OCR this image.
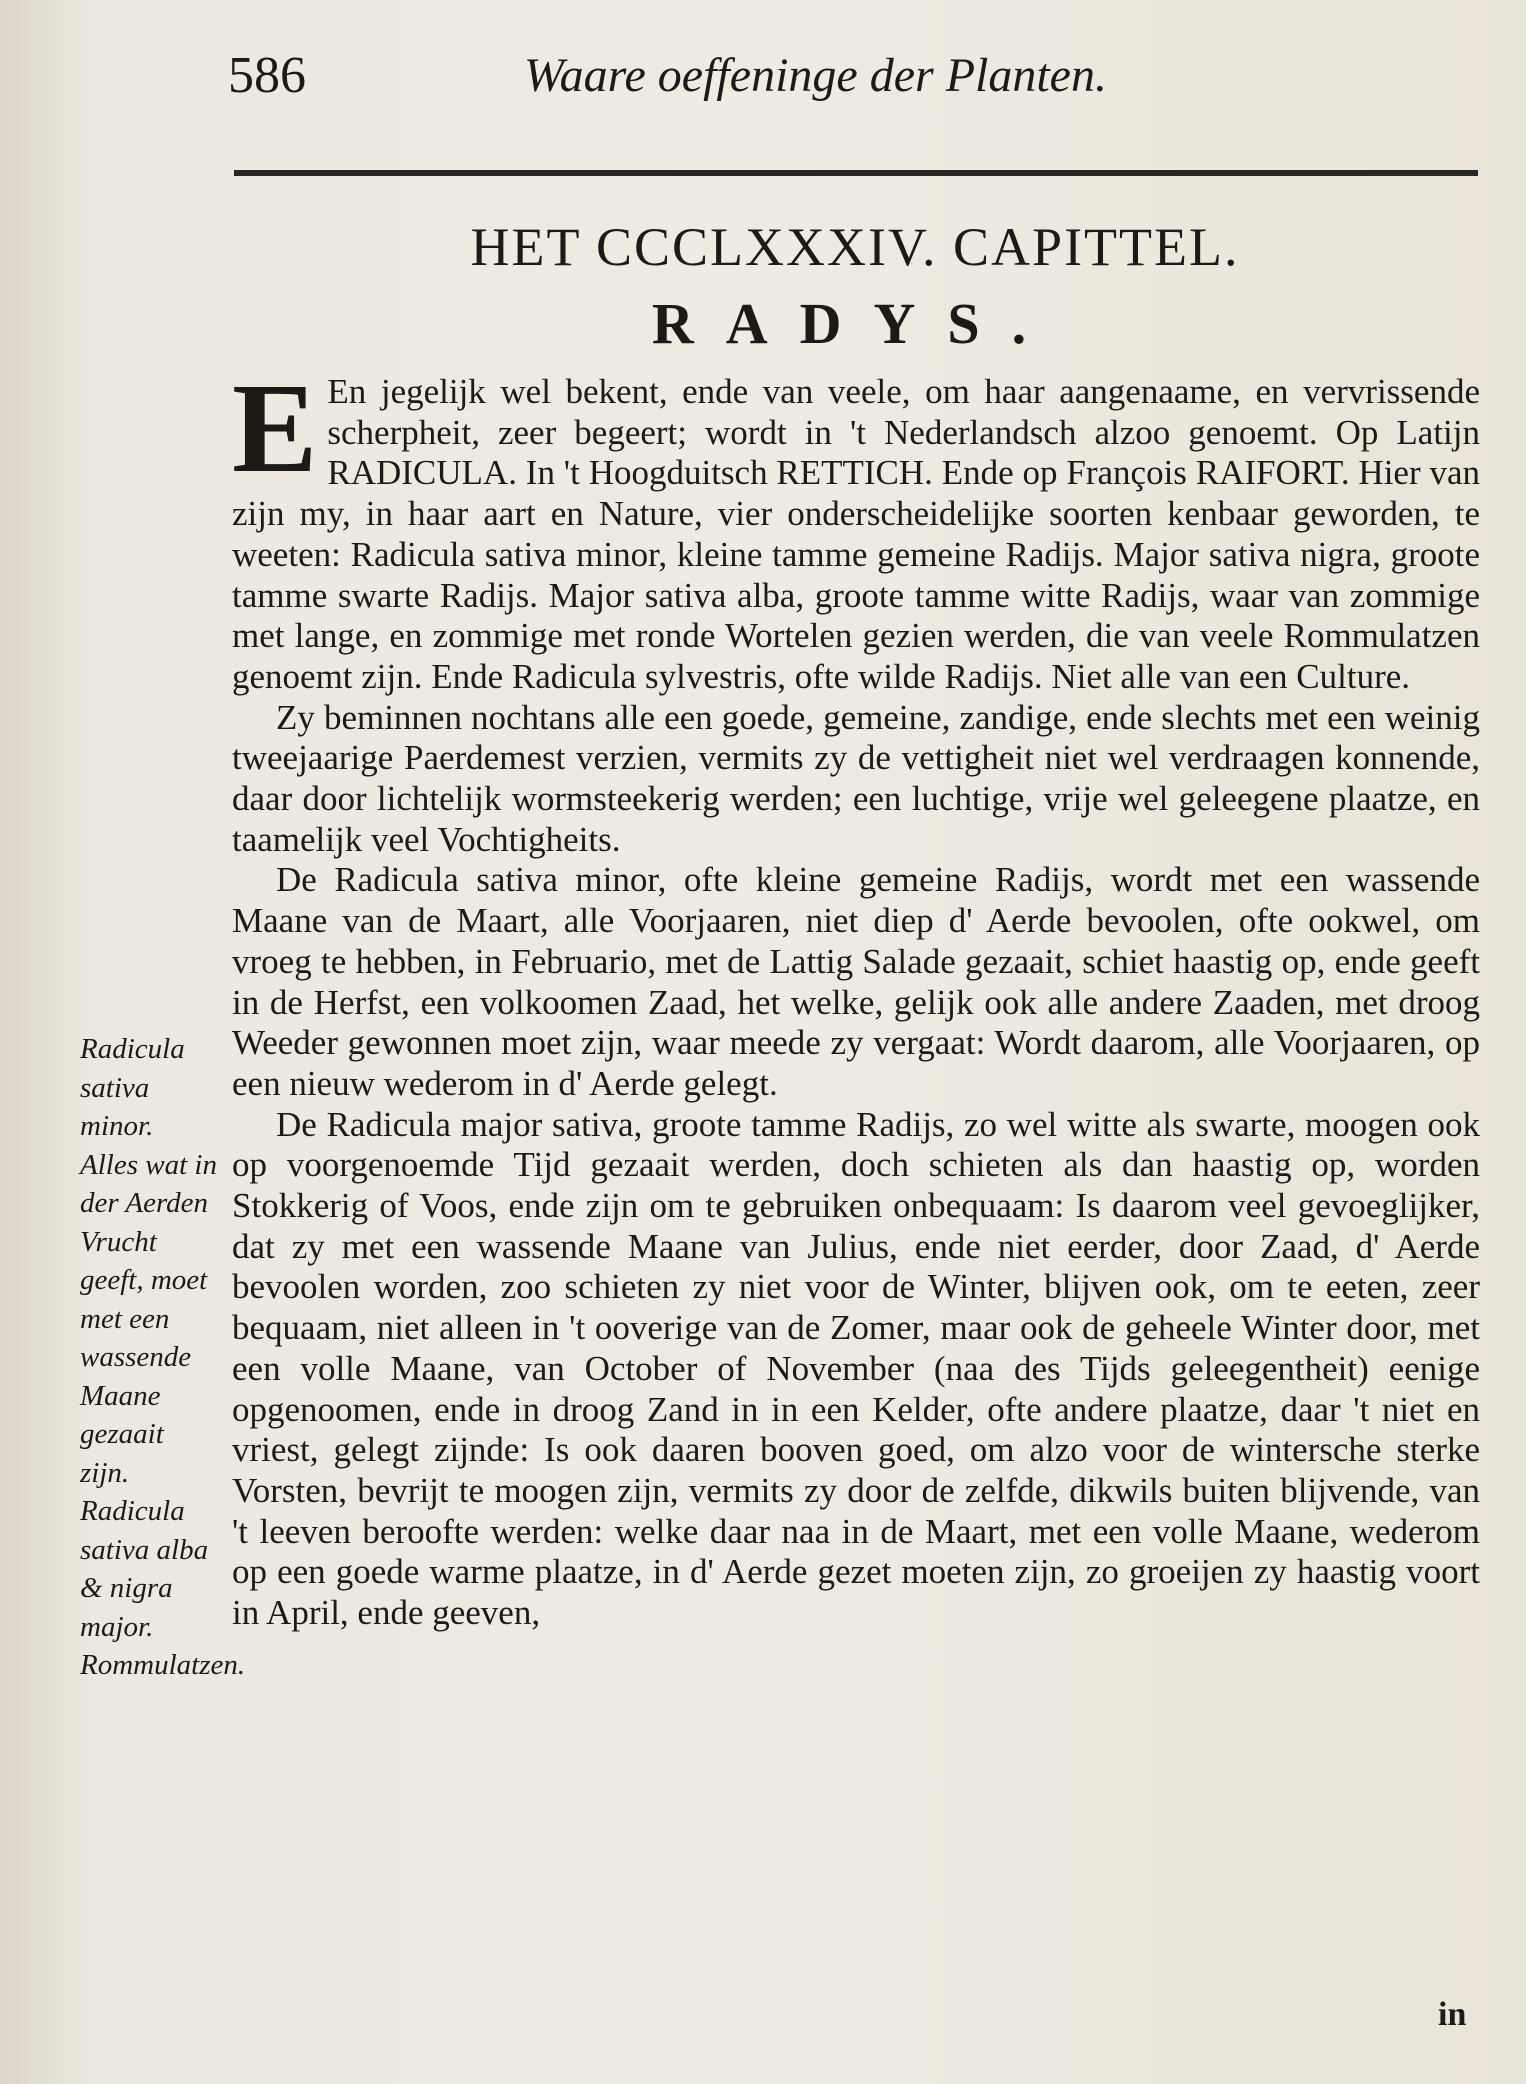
586	Waare oeffeninge der Planten.
HET CCCLXXXIV. CAPITTEL.
RADYS.
Radicula sativa minor.
Alles wat in der Aerden Vrucht geeft, moet met een wassende Maane gezaait zijn.
Radicula sativa alba & nigra major.
Rommulatzen.

E En jegelijk wel bekent, ende van veele, om haar aangenaame, en vervrissende scherpheit, zeer begeert; wordt in 't Nederlandsch alzoo genoemt. Op Latijn RADICULA. In 't Hoogduitsch RETTICH. Ende op François RAIFORT. Hier van zijn my, in haar aart en Nature, vier onderscheidelijke soorten kenbaar geworden, te weeten: Radicula sativa minor, kleine tamme gemeine Radijs. Major sativa nigra, groote tamme swarte Radijs. Major sativa alba, groote tamme witte Radijs, waar van zommige met lange, en zommige met ronde Wortelen gezien werden, die van veele Rommulatzen genoemt zijn. Ende Radicula sylvestris, ofte wilde Radijs. Niet alle van een Culture.

Zy beminnen nochtans alle een goede, gemeine, zandige, ende slechts met een weinig tweejaarige Paerdemest verzien, vermits zy de vettigheit niet wel verdraagen konnende, daar door lichtelijk wormsteekerig werden; een luchtige, vrije wel geleegene plaatze, en taamelijk veel Vochtigheits.

De Radicula sativa minor, ofte kleine gemeine Radijs, wordt met een wassende Maane van de Maart, alle Voorjaaren, niet diep d' Aerde bevoolen, ofte ookwel, om vroeg te hebben, in Februario, met de Lattig Salade gezaait, schiet haastig op, ende geeft in de Herfst, een volkoomen Zaad, het welke, gelijk ook alle andere Zaaden, met droog Weeder gewonnen moet zijn, waar meede zy vergaat: Wordt daarom, alle Voorjaaren, op een nieuw wederom in d' Aerde gelegt.

De Radicula major sativa, groote tamme Radijs, zo wel witte als swarte, moogen ook op voorgenoemde Tijd gezaait werden, doch schieten als dan haastig op, worden Stokkerig of Voos, ende zijn om te gebruiken onbequaam: Is daarom veel gevoeglijker, dat zy met een wassende Maane van Julius, ende niet eerder, door Zaad, d' Aerde bevoolen worden, zoo schieten zy niet voor de Winter, blijven ook, om te eeten, zeer bequaam, niet alleen in 't ooverige van de Zomer, maar ook de geheele Winter door, met een volle Maane, van October of November (naa des Tijds geleegentheit) eenige opgenoomen, ende in droog Zand in in een Kelder, ofte andere plaatze, daar 't niet en vriest, gelegt zijnde: Is ook daaren booven goed, om alzo voor de wintersche sterke Vorsten, bevrijt te moogen zijn, vermits zy door de zelfde, dikwils buiten blijvende, van 't leeven beroofte werden: welke daar naa in de Maart, met een volle Maane, wederom op een goede warme plaatze, in d' Aerde gezet moeten zijn, zo groeijen zy haastig voort in April, ende geeven,

in
